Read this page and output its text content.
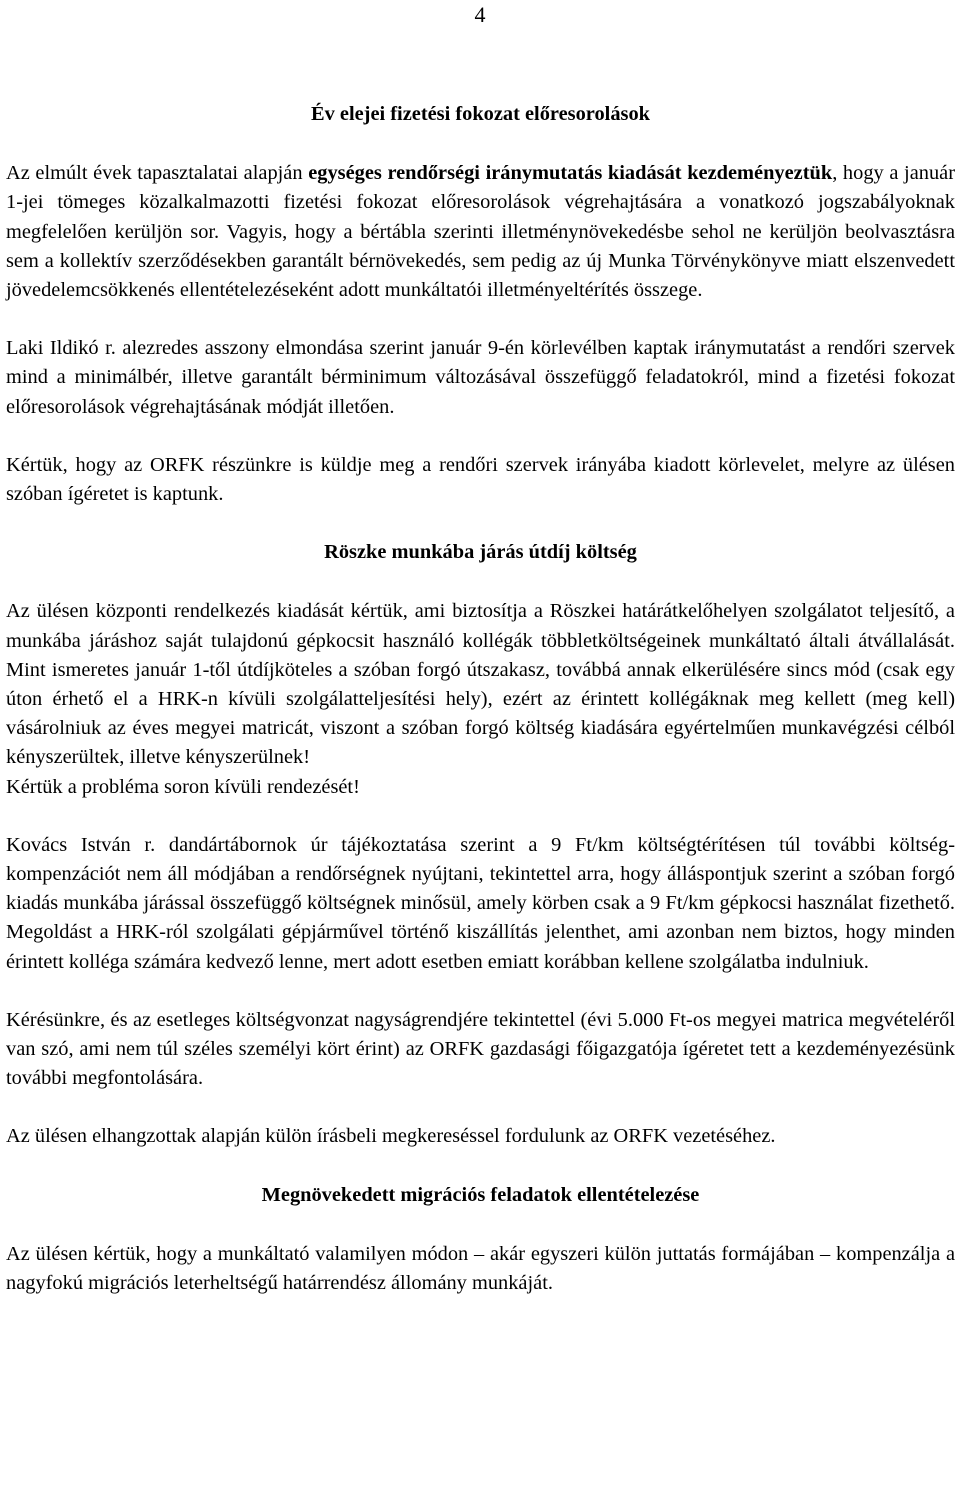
4
Év elejei fizetési fokozat előresorolások

Az elmúlt évek tapasztalatai alapján egységes rendőrségi iránymutatás kiadását kezdeményeztük, hogy a január 1-jei tömeges közalkalmazotti fizetési fokozat előresorolások végrehajtására a vonatkozó jogszabályoknak megfelelően kerüljön sor. Vagyis, hogy a bértábla szerinti illetménynövekedésbe sehol ne kerüljön beolvasztásra sem a kollektív szerződésekben garantált bérnövekedés, sem pedig az új Munka Törvénykönyve miatt elszenvedett jövedelemcsökkenés ellentételezéseként adott munkáltatói illetményeltérítés összege.

Laki Ildikó r. alezredes asszony elmondása szerint január 9-én körlevélben kaptak iránymutatást a rendőri szervek mind a minimálbér, illetve garantált bérminimum változásával összefüggő feladatokról, mind a fizetési fokozat előresorolások végrehajtásának módját illetően.

Kértük, hogy az ORFK részünkre is küldje meg a rendőri szervek irányába kiadott körlevelet, melyre az ülésen szóban ígéretet is kaptunk.

Röszke munkába járás útdíj költség

Az ülésen központi rendelkezés kiadását kértük, ami biztosítja a Röszkei határátkelőhelyen szolgálatot teljesítő, a munkába járáshoz saját tulajdonú gépkocsit használó kollégák többletköltségeinek munkáltató általi átvállalását. Mint ismeretes január 1-től útdíjköteles a szóban forgó útszakasz, továbbá annak elkerülésére sincs mód (csak egy úton érhető el a HRK-n kívüli szolgálatteljesítési hely), ezért az érintett kollégáknak meg kellett (meg kell) vásárolniuk az éves megyei matricát, viszont a szóban forgó költség kiadására egyértelműen munkavégzési célból kényszerültek, illetve kényszerülnek!

Kértük a probléma soron kívüli rendezését!

Kovács István r. dandártábornok úr tájékoztatása szerint a 9 Ft/km költségtérítésen túl további költség-kompenzációt nem áll módjában a rendőrségnek nyújtani, tekintettel arra, hogy álláspontjuk szerint a szóban forgó kiadás munkába járással összefüggő költségnek minősül, amely körben csak a 9 Ft/km gépkocsi használat fizethető. Megoldást a HRK-ról szolgálati gépjárművel történő kiszállítás jelenthet, ami azonban nem biztos, hogy minden érintett kolléga számára kedvező lenne, mert adott esetben emiatt korábban kellene szolgálatba indulniuk.

Kérésünkre, és az esetleges költségvonzat nagyságrendjére tekintettel (évi 5.000 Ft-os megyei matrica megvételéről van szó, ami nem túl széles személyi kört érint) az ORFK gazdasági főigazgatója ígéretet tett a kezdeményezésünk további megfontolására.

Az ülésen elhangzottak alapján külön írásbeli megkereséssel fordulunk az ORFK vezetéséhez.

Megnövekedett migrációs feladatok ellentételezése

Az ülésen kértük, hogy a munkáltató valamilyen módon – akár egyszeri külön juttatás formájában – kompenzálja a nagyfokú migrációs leterheltségű határrendész állomány munkáját.
